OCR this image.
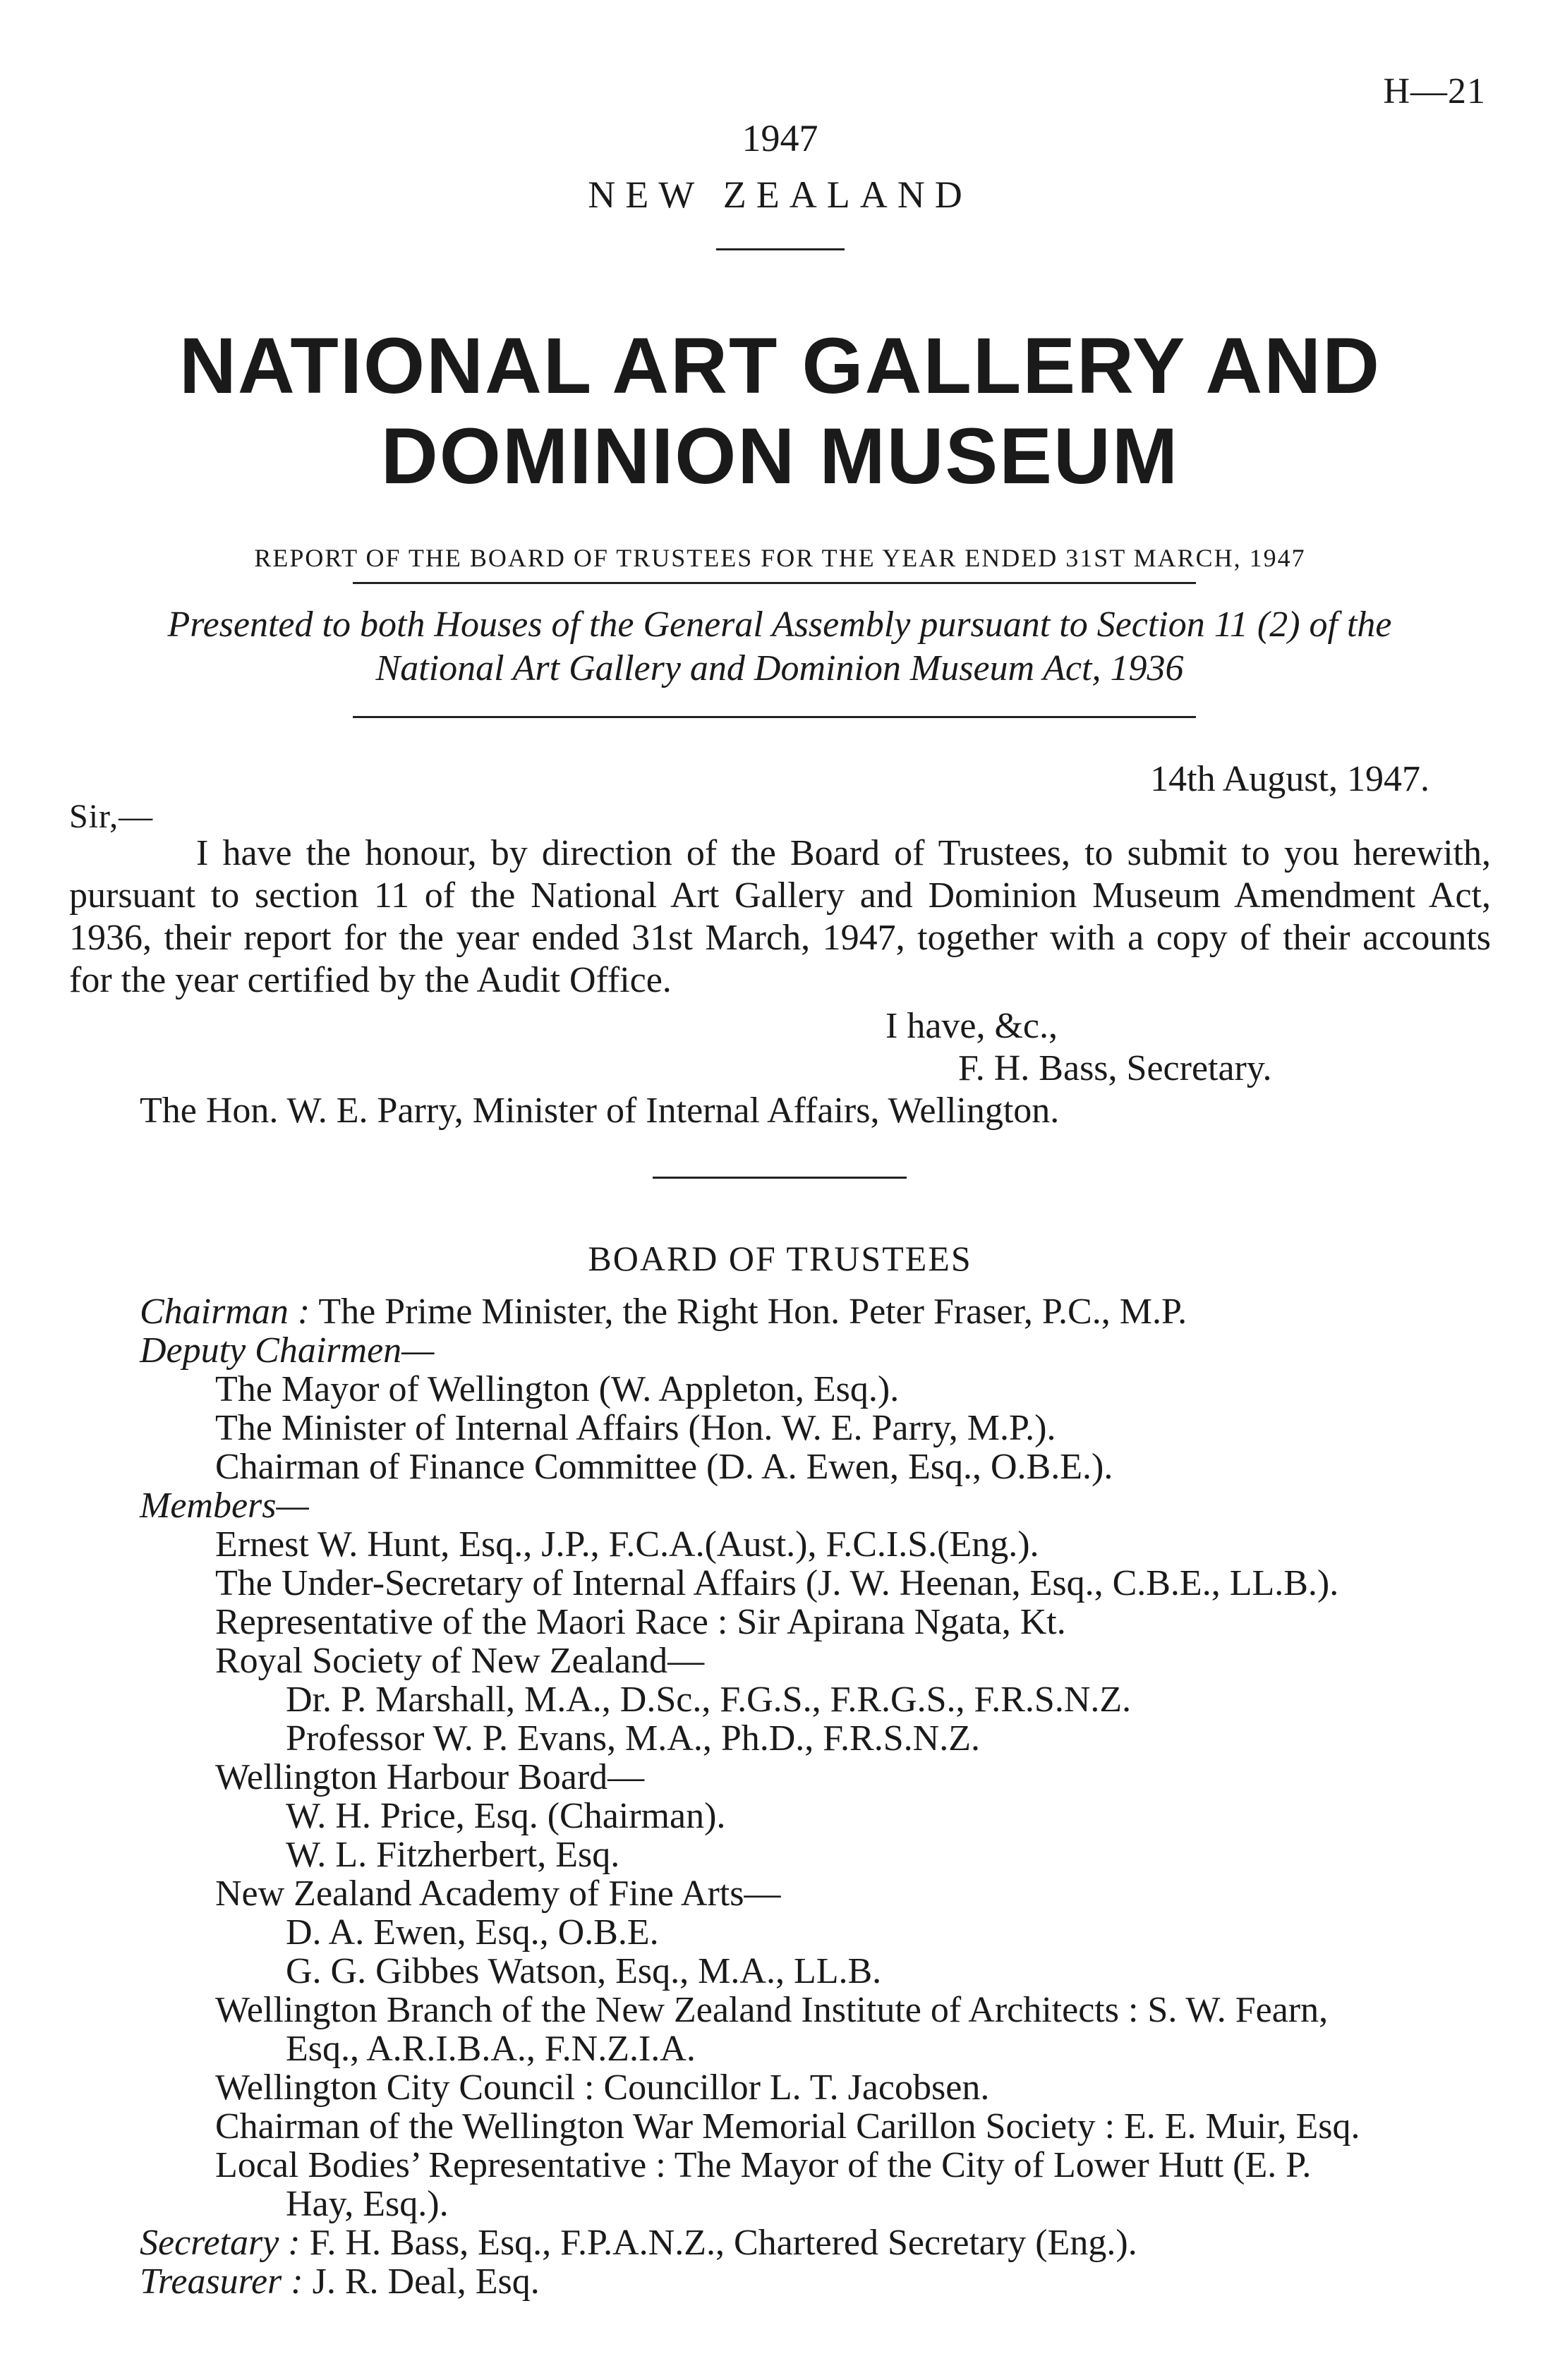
H—21
1947
NEW ZEALAND
NATIONAL ART GALLERY AND
DOMINION MUSEUM
REPORT OF THE BOARD OF TRUSTEES FOR THE YEAR ENDED 31ST MARCH, 1947
Presented to both Houses of the General Assembly pursuant to Section 11 (2) of the
National Art Gallery and Dominion Museum Act, 1936
14th August, 1947.
Sir,—
I have the honour, by direction of the Board of Trustees, to submit to you herewith, pursuant to section 11 of the National Art Gallery and Dominion Museum Amendment Act, 1936, their report for the year ended 31st March, 1947, together with a copy of their accounts for the year certified by the Audit Office.
I have, &c.,
F. H. Bass, Secretary.
The Hon. W. E. Parry, Minister of Internal Affairs, Wellington.
BOARD OF TRUSTEES
Chairman : The Prime Minister, the Right Hon. Peter Fraser, P.C., M.P.
Deputy Chairmen—
The Mayor of Wellington (W. Appleton, Esq.).
The Minister of Internal Affairs (Hon. W. E. Parry, M.P.).
Chairman of Finance Committee (D. A. Ewen, Esq., O.B.E.).
Members—
Ernest W. Hunt, Esq., J.P., F.C.A.(Aust.), F.C.I.S.(Eng.).
The Under-Secretary of Internal Affairs (J. W. Heenan, Esq., C.B.E., LL.B.).
Representative of the Maori Race : Sir Apirana Ngata, Kt.
Royal Society of New Zealand—
Dr. P. Marshall, M.A., D.Sc., F.G.S., F.R.G.S., F.R.S.N.Z.
Professor W. P. Evans, M.A., Ph.D., F.R.S.N.Z.
Wellington Harbour Board—
W. H. Price, Esq. (Chairman).
W. L. Fitzherbert, Esq.
New Zealand Academy of Fine Arts—
D. A. Ewen, Esq., O.B.E.
G. G. Gibbes Watson, Esq., M.A., LL.B.
Wellington Branch of the New Zealand Institute of Architects : S. W. Fearn,
Esq., A.R.I.B.A., F.N.Z.I.A.
Wellington City Council : Councillor L. T. Jacobsen.
Chairman of the Wellington War Memorial Carillon Society : E. E. Muir, Esq.
Local Bodies’ Representative : The Mayor of the City of Lower Hutt (E. P.
Hay, Esq.).
Secretary : F. H. Bass, Esq., F.P.A.N.Z., Chartered Secretary (Eng.).
Treasurer : J. R. Deal, Esq.
